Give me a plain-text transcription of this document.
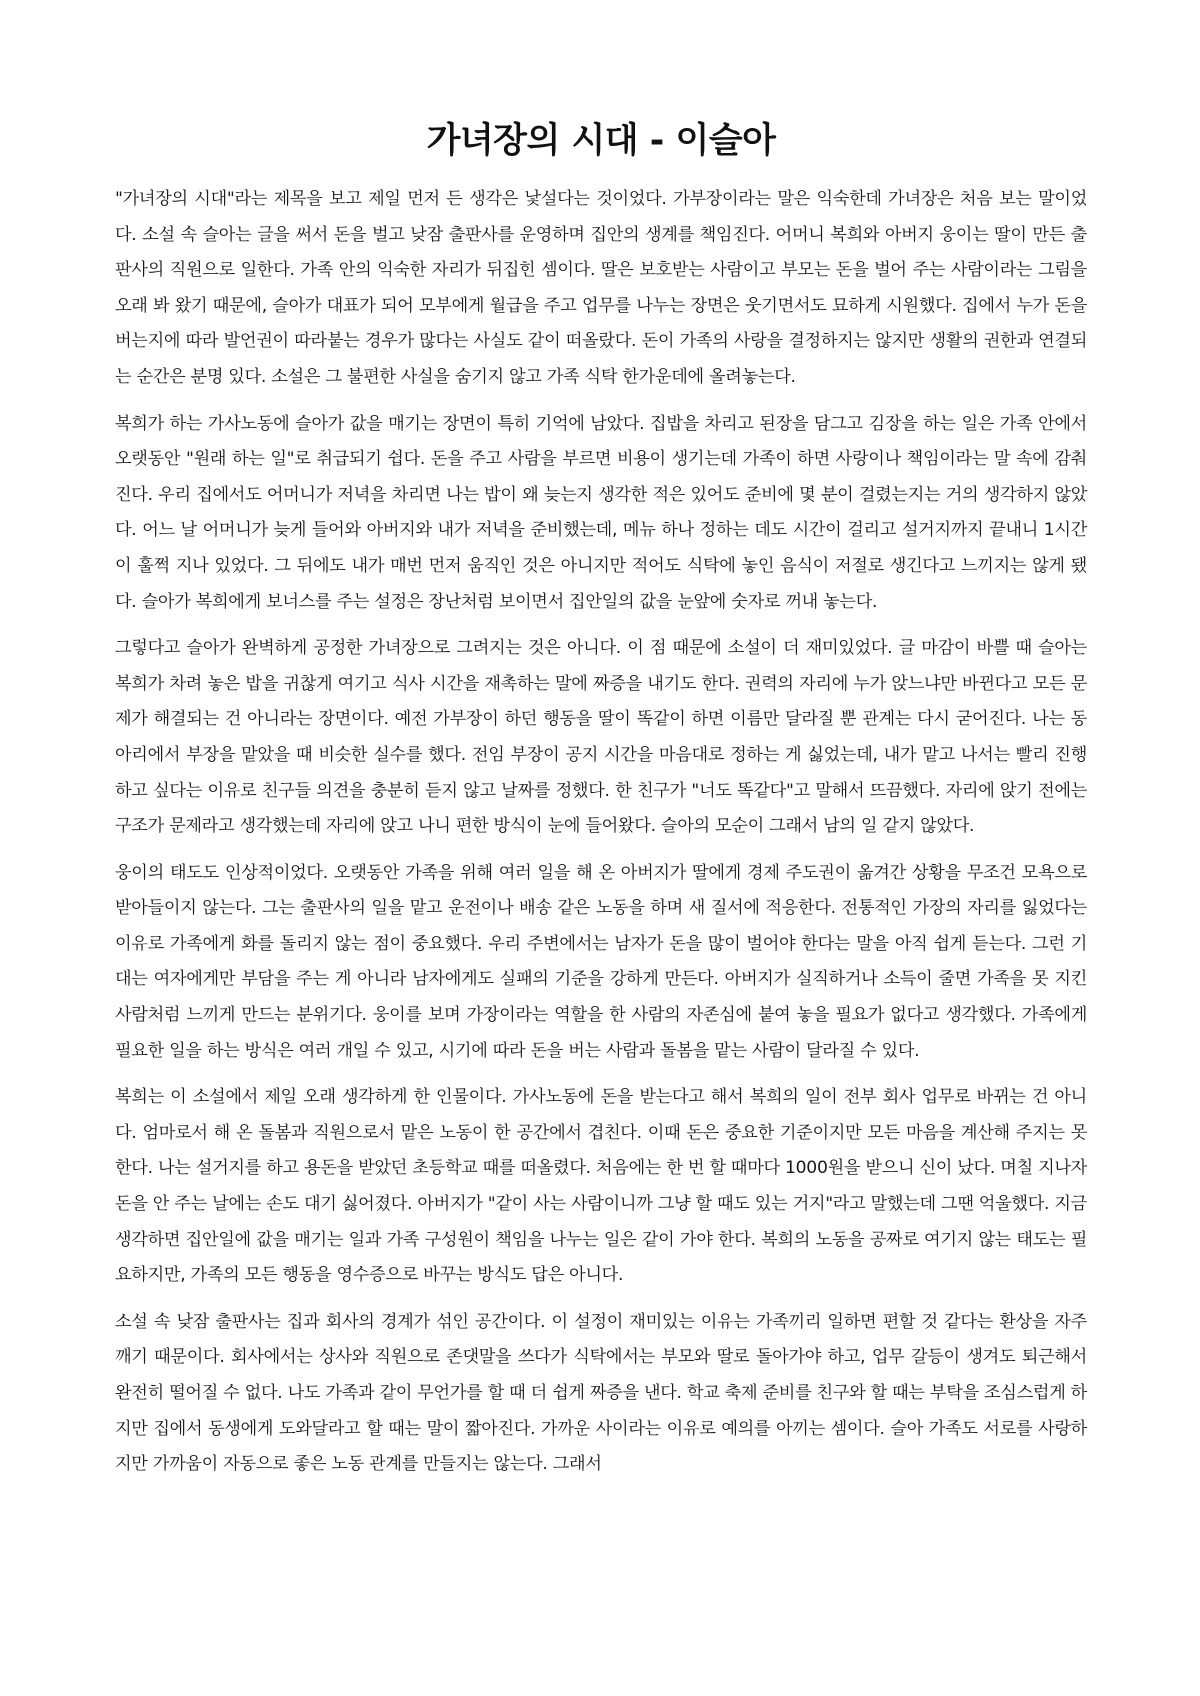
가녀장의 시대 - 이슬아

"가녀장의 시대"라는 제목을 보고 제일 먼저 든 생각은 낯설다는 것이었다. 가부장이라는 말은 익숙한데 가녀장은 처음 보는 말이었다. 소설 속 슬아는 글을 써서 돈을 벌고 낮잠 출판사를 운영하며 집안의 생계를 책임진다. 어머니 복희와 아버지 웅이는 딸이 만든 출판사의 직원으로 일한다. 가족 안의 익숙한 자리가 뒤집힌 셈이다. 딸은 보호받는 사람이고 부모는 돈을 벌어 주는 사람이라는 그림을 오래 봐 왔기 때문에, 슬아가 대표가 되어 모부에게 월급을 주고 업무를 나누는 장면은 웃기면서도 묘하게 시원했다. 집에서 누가 돈을 버는지에 따라 발언권이 따라붙는 경우가 많다는 사실도 같이 떠올랐다. 돈이 가족의 사랑을 결정하지는 않지만 생활의 권한과 연결되는 순간은 분명 있다. 소설은 그 불편한 사실을 숨기지 않고 가족 식탁 한가운데에 올려놓는다.

복희가 하는 가사노동에 슬아가 값을 매기는 장면이 특히 기억에 남았다. 집밥을 차리고 된장을 담그고 김장을 하는 일은 가족 안에서 오랫동안 "원래 하는 일"로 취급되기 쉽다. 돈을 주고 사람을 부르면 비용이 생기는데 가족이 하면 사랑이나 책임이라는 말 속에 감춰진다. 우리 집에서도 어머니가 저녁을 차리면 나는 밥이 왜 늦는지 생각한 적은 있어도 준비에 몇 분이 걸렸는지는 거의 생각하지 않았다. 어느 날 어머니가 늦게 들어와 아버지와 내가 저녁을 준비했는데, 메뉴 하나 정하는 데도 시간이 걸리고 설거지까지 끝내니 1시간이 훌쩍 지나 있었다. 그 뒤에도 내가 매번 먼저 움직인 것은 아니지만 적어도 식탁에 놓인 음식이 저절로 생긴다고 느끼지는 않게 됐다. 슬아가 복희에게 보너스를 주는 설정은 장난처럼 보이면서 집안일의 값을 눈앞에 숫자로 꺼내 놓는다.

그렇다고 슬아가 완벽하게 공정한 가녀장으로 그려지는 것은 아니다. 이 점 때문에 소설이 더 재미있었다. 글 마감이 바쁠 때 슬아는 복희가 차려 놓은 밥을 귀찮게 여기고 식사 시간을 재촉하는 말에 짜증을 내기도 한다. 권력의 자리에 누가 앉느냐만 바뀐다고 모든 문제가 해결되는 건 아니라는 장면이다. 예전 가부장이 하던 행동을 딸이 똑같이 하면 이름만 달라질 뿐 관계는 다시 굳어진다. 나는 동아리에서 부장을 맡았을 때 비슷한 실수를 했다. 전임 부장이 공지 시간을 마음대로 정하는 게 싫었는데, 내가 맡고 나서는 빨리 진행하고 싶다는 이유로 친구들 의견을 충분히 듣지 않고 날짜를 정했다. 한 친구가 "너도 똑같다"고 말해서 뜨끔했다. 자리에 앉기 전에는 구조가 문제라고 생각했는데 자리에 앉고 나니 편한 방식이 눈에 들어왔다. 슬아의 모순이 그래서 남의 일 같지 않았다.

웅이의 태도도 인상적이었다. 오랫동안 가족을 위해 여러 일을 해 온 아버지가 딸에게 경제 주도권이 옮겨간 상황을 무조건 모욕으로 받아들이지 않는다. 그는 출판사의 일을 맡고 운전이나 배송 같은 노동을 하며 새 질서에 적응한다. 전통적인 가장의 자리를 잃었다는 이유로 가족에게 화를 돌리지 않는 점이 중요했다. 우리 주변에서는 남자가 돈을 많이 벌어야 한다는 말을 아직 쉽게 듣는다. 그런 기대는 여자에게만 부담을 주는 게 아니라 남자에게도 실패의 기준을 강하게 만든다. 아버지가 실직하거나 소득이 줄면 가족을 못 지킨 사람처럼 느끼게 만드는 분위기다. 웅이를 보며 가장이라는 역할을 한 사람의 자존심에 붙여 놓을 필요가 없다고 생각했다. 가족에게 필요한 일을 하는 방식은 여러 개일 수 있고, 시기에 따라 돈을 버는 사람과 돌봄을 맡는 사람이 달라질 수 있다.

복희는 이 소설에서 제일 오래 생각하게 한 인물이다. 가사노동에 돈을 받는다고 해서 복희의 일이 전부 회사 업무로 바뀌는 건 아니다. 엄마로서 해 온 돌봄과 직원으로서 맡은 노동이 한 공간에서 겹친다. 이때 돈은 중요한 기준이지만 모든 마음을 계산해 주지는 못한다. 나는 설거지를 하고 용돈을 받았던 초등학교 때를 떠올렸다. 처음에는 한 번 할 때마다 1000원을 받으니 신이 났다. 며칠 지나자 돈을 안 주는 날에는 손도 대기 싫어졌다. 아버지가 "같이 사는 사람이니까 그냥 할 때도 있는 거지"라고 말했는데 그땐 억울했다. 지금 생각하면 집안일에 값을 매기는 일과 가족 구성원이 책임을 나누는 일은 같이 가야 한다. 복희의 노동을 공짜로 여기지 않는 태도는 필요하지만, 가족의 모든 행동을 영수증으로 바꾸는 방식도 답은 아니다.

소설 속 낮잠 출판사는 집과 회사의 경계가 섞인 공간이다. 이 설정이 재미있는 이유는 가족끼리 일하면 편할 것 같다는 환상을 자주 깨기 때문이다. 회사에서는 상사와 직원으로 존댓말을 쓰다가 식탁에서는 부모와 딸로 돌아가야 하고, 업무 갈등이 생겨도 퇴근해서 완전히 떨어질 수 없다. 나도 가족과 같이 무언가를 할 때 더 쉽게 짜증을 낸다. 학교 축제 준비를 친구와 할 때는 부탁을 조심스럽게 하지만 집에서 동생에게 도와달라고 할 때는 말이 짧아진다. 가까운 사이라는 이유로 예의를 아끼는 셈이다. 슬아 가족도 서로를 사랑하지만 가까움이 자동으로 좋은 노동 관계를 만들지는 않는다. 그래서
